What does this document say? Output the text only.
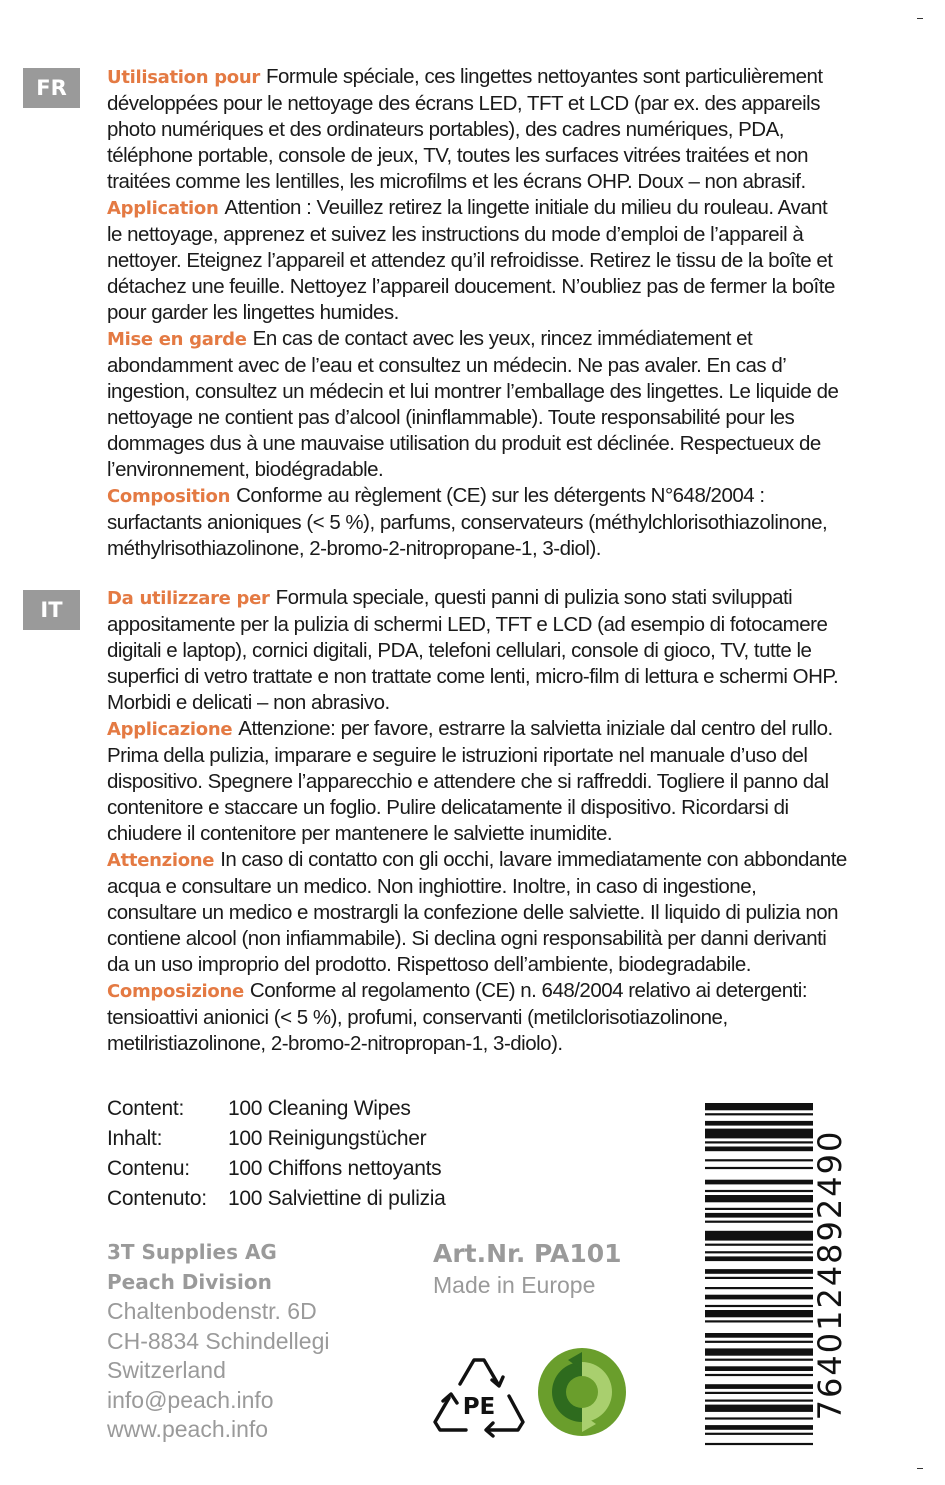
FR	Utilisation pour Formule spéciale, ces lingettes nettoyantes sont particulièrement développées pour le nettoyage des écrans LED, TFT et LCD (par ex. des appareils photo numériques et des ordinateurs portables), des cadres numériques, PDA, téléphone portable, console de jeux, TV, toutes les surfaces vitrées traitées et non traitées comme les lentilles, les microfilms et les écrans OHP. Doux – non abrasif.

Application Attention : Veuillez retirez la lingette initiale du milieu du rouleau. Avant le nettoyage, apprenez et suivez les instructions du mode d’emploi de l’appareil à nettoyer. Eteignez l’appareil et attendez qu’il refroidisse. Retirez le tissu de la boîte et détachez une feuille. Nettoyez l’appareil doucement. N’oubliez pas de fermer la boîte pour garder les lingettes humides.

Mise en garde En cas de contact avec les yeux, rincez immédiatement et abondamment avec de l’eau et consultez un médecin. Ne pas avaler. En cas d’ ingestion, consultez un médecin et lui montrer l’emballage des lingettes. Le liquide de nettoyage ne contient pas d’alcool (ininflammable). Toute responsabilité pour les dommages dus à une mauvaise utilisation du produit est déclinée. Respectueux de l’environnement, biodégradable.

Composition Conforme au règlement (CE) sur les détergents N°648/2004 : surfactants anioniques (< 5 %), parfums, conservateurs (méthylchlorisothiazolinone, méthylrisothiazolinone, 2-bromo-2-nitropropane-1, 3-diol).

IT	Da utilizzare per Formula speciale, questi panni di pulizia sono stati sviluppati appositamente per la pulizia di schermi LED, TFT e LCD (ad esempio di fotocamere digitali e laptop), cornici digitali, PDA, telefoni cellulari, console di gioco, TV, tutte le superfici di vetro trattate e non trattate come lenti, micro-film di lettura e schermi OHP. Morbidi e delicati – non abrasivo.

Applicazione Attenzione: per favore, estrarre la salvietta iniziale dal centro del rullo. Prima della pulizia, imparare e seguire le istruzioni riportate nel manuale d’uso del dispositivo. Spegnere l’apparecchio e attendere che si raffreddi. Togliere il panno dal contenitore e staccare un foglio. Pulire delicatamente il dispositivo. Ricordarsi di chiudere il contenitore per mantenere le salviette inumidite.

Attenzione In caso di contatto con gli occhi, lavare immediatamente con abbondante acqua e consultare un medico. Non inghiottire. Inoltre, in caso di ingestione, consultare un medico e mostrargli la confezione delle salviette. Il liquido di pulizia non contiene alcool (non infiammabile). Si declina ogni responsabilità per danni derivanti da un uso improprio del prodotto. Rispettoso dell’ambiente, biodegradabile.

Composizione Conforme al regolamento (CE) n. 648/2004 relativo ai detergenti: tensioattivi anionici (< 5 %), profumi, conservanti (metilclorisotiazolinone, metilristiazolinone, 2-bromo-2-nitropropan-1, 3-diolo).

Content:	100 Cleaning Wipes
Inhalt:	100 Reinigungstücher
Contenu:	100 Chiffons nettoyants
Contenuto:	100 Salviettine di pulizia
3T Supplies AG
Peach Division
Chaltenbodenstr. 6D
CH-8834 Schindellegi
Switzerland
info@peach.info
www.peach.info
Art.Nr. PA101
Made in Europe
PE	7640124892490
